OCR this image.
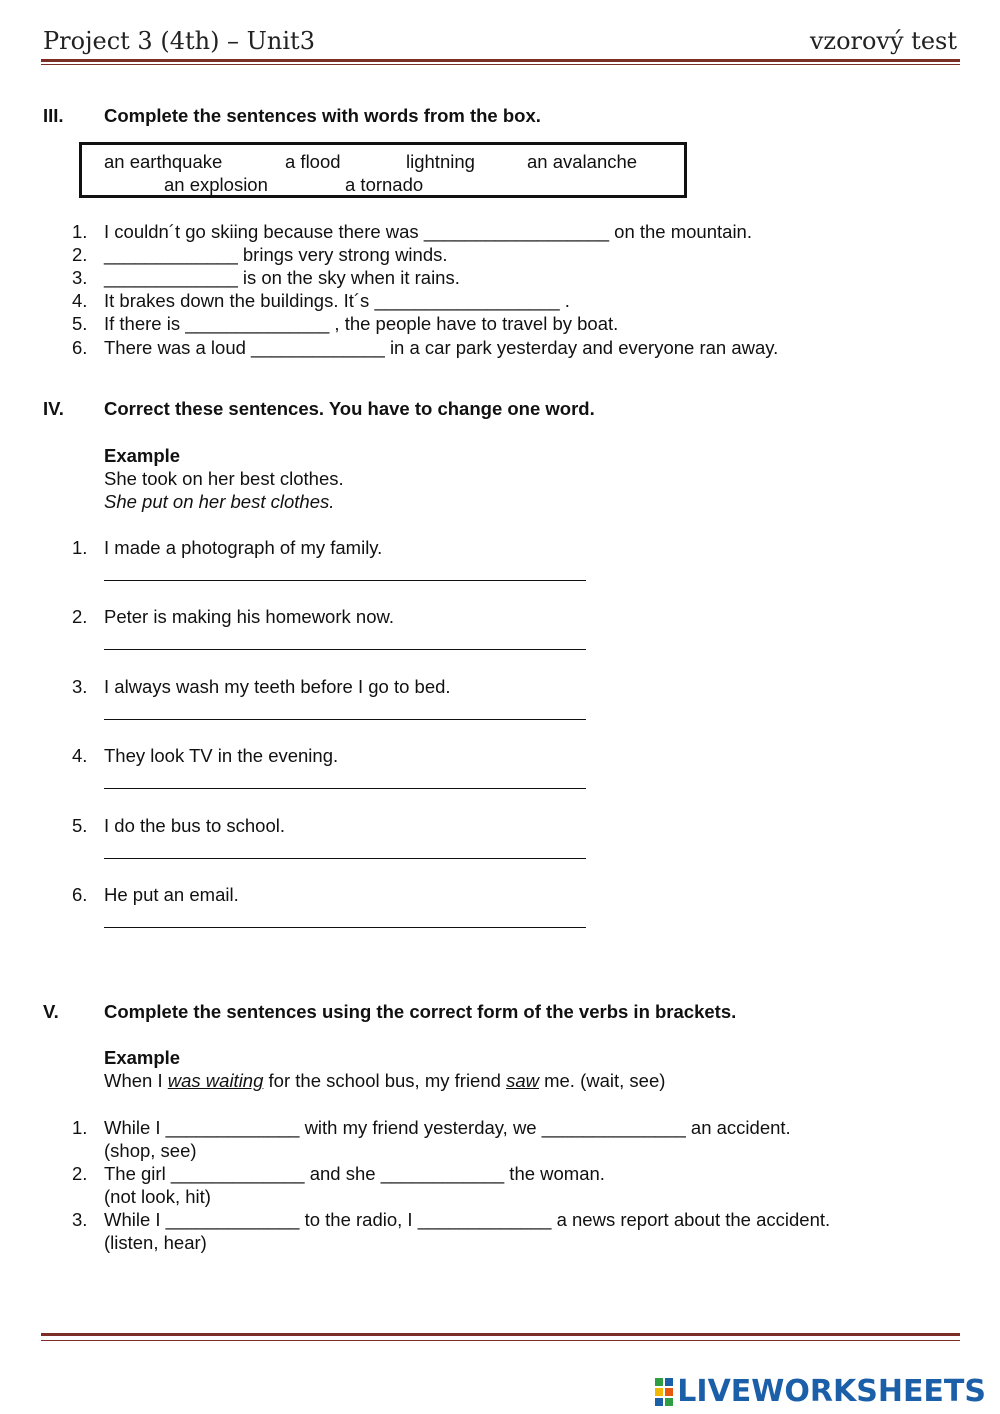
Project 3 (4th) – Unit3	vzorový test
III. Complete the sentences with words from the box.
an earthquake	a flood	lightning	an avalanche
an explosion	a tornado
1. I couldn´t go skiing because there was __________________ on the mountain.
2. _____________ brings very strong winds.
3. _____________ is on the sky when it rains.
4. It brakes down the buildings. It´s __________________ .
5. If there is ______________ , the people have to travel by boat.
6. There was a loud _____________ in a car park yesterday and everyone ran away.
IV. Correct these sentences. You have to change one word.
Example
She took on her best clothes.
She put on her best clothes.
1. I made a photograph of my family.
2. Peter is making his homework now.
3. I always wash my teeth before I go to bed.
4. They look TV in the evening.
5. I do the bus to school.
6. He put an email.
V. Complete the sentences using the correct form of the verbs in brackets.
Example
When I was waiting for the school bus, my friend saw me. (wait, see)
1. While I _____________ with my friend yesterday, we ______________ an accident.
(shop, see)
2. The girl _____________ and she ____________ the woman.
(not look, hit)
3. While I _____________ to the radio, I _____________ a news report about the accident.
(listen, hear)
LIVEWORKSHEETS
